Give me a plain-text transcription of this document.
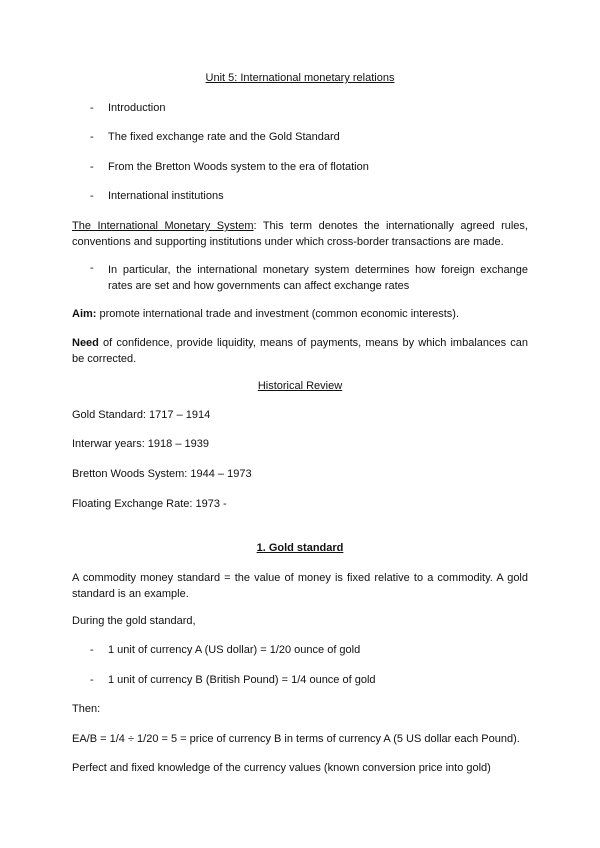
Unit 5: International monetary relations
- Introduction
- The fixed exchange rate and the Gold Standard
- From the Bretton Woods system to the era of flotation
- International institutions
The International Monetary System: This term denotes the internationally agreed rules, conventions and supporting institutions under which cross-border transactions are made.
- In particular, the international monetary system determines how foreign exchange rates are set and how governments can affect exchange rates
Aim: promote international trade and investment (common economic interests).
Need of confidence, provide liquidity, means of payments, means by which imbalances can be corrected.
Historical Review
Gold Standard: 1717 – 1914
Interwar years: 1918 – 1939
Bretton Woods System: 1944 – 1973
Floating Exchange Rate: 1973 -
1. Gold standard
A commodity money standard = the value of money is fixed relative to a commodity. A gold standard is an example.
During the gold standard,
- 1 unit of currency A (US dollar) = 1/20 ounce of gold
- 1 unit of currency B (British Pound) = 1/4 ounce of gold
Then:
EA/B = 1/4 ÷ 1/20 = 5 = price of currency B in terms of currency A (5 US dollar each Pound).
Perfect and fixed knowledge of the currency values (known conversion price into gold)
